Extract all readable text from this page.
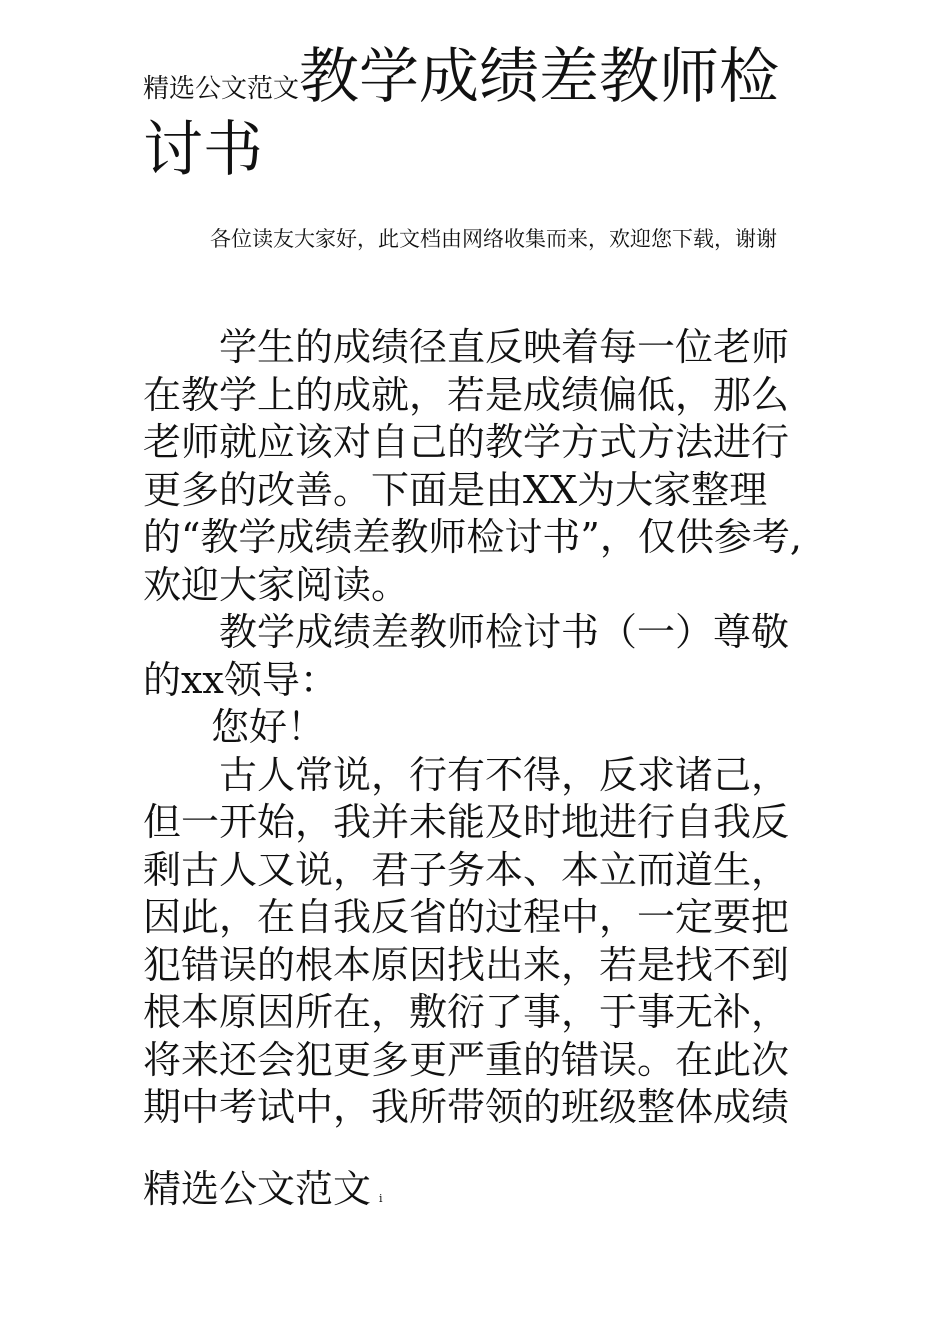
精选公文范文教学成绩差教师检讨书
各位读友大家好，此文档由网络收集而来，欢迎您下载，谢谢

学生的成绩径直反映着每一位老师在教学上的成就，若是成绩偏低，那么老师就应该对自己的教学方式方法进行更多的改善。下面是由XX为大家整理的“教学成绩差教师检讨书”，仅供参考,欢迎大家阅读。

教学成绩差教师检讨书（一）尊敬的xx领导：

您好！

古人常说，行有不得，反求诸己，但一开始，我并未能及时地进行自我反剩古人又说，君子务本、本立而道生，因此，在自我反省的过程中，一定要把犯错误的根本原因找出来，若是找不到根本原因所在，敷衍了事，于事无补，将来还会犯更多更严重的错误。在此次期中考试中，我所带领的班级整体成绩

精选公文范文 i
